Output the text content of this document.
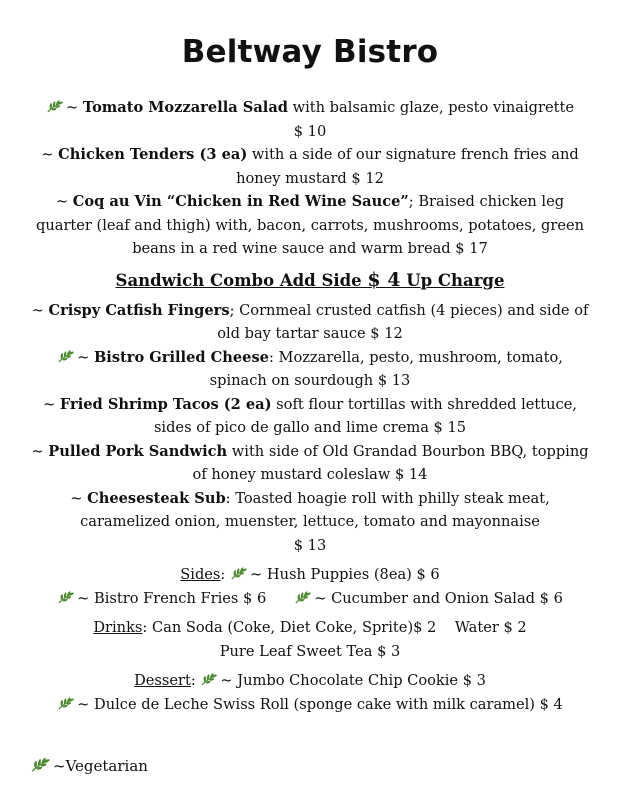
Beltway Bistro
~ Tomato Mozzarella Salad with balsamic glaze, pesto vinaigrette
$ 10
~ Chicken Tenders (3 ea) with a side of our signature french fries and honey mustard $ 12
~ Coq au Vin “Chicken in Red Wine Sauce”; Braised chicken leg quarter (leaf and thigh) with, bacon, carrots, mushrooms, potatoes, green beans in a red wine sauce and warm bread $ 17
Sandwich Combo Add Side $ 4 Up Charge
~ Crispy Catfish Fingers; Cornmeal crusted catfish (4 pieces) and side of old bay tartar sauce $ 12
~ Bistro Grilled Cheese: Mozzarella, pesto, mushroom, tomato, spinach on sourdough $ 13
~ Fried Shrimp Tacos (2 ea) soft flour tortillas with shredded lettuce, sides of pico de gallo and lime crema $ 15
~ Pulled Pork Sandwich with side of Old Grandad Bourbon BBQ, topping of honey mustard coleslaw $ 14
~ Cheesesteak Sub: Toasted hoagie roll with philly steak meat, caramelized onion, muenster, lettuce, tomato and mayonnaise
$ 13
Sides: ~ Hush Puppies (8ea) $ 6
~ Bistro French Fries $ 6	~ Cucumber and Onion Salad $ 6
Drinks: Can Soda (Coke, Diet Coke, Sprite)$ 2    Water $ 2
Pure Leaf Sweet Tea $ 3
Dessert: ~ Jumbo Chocolate Chip Cookie $ 3
~ Dulce de Leche Swiss Roll (sponge cake with milk caramel) $ 4
~Vegetarian
